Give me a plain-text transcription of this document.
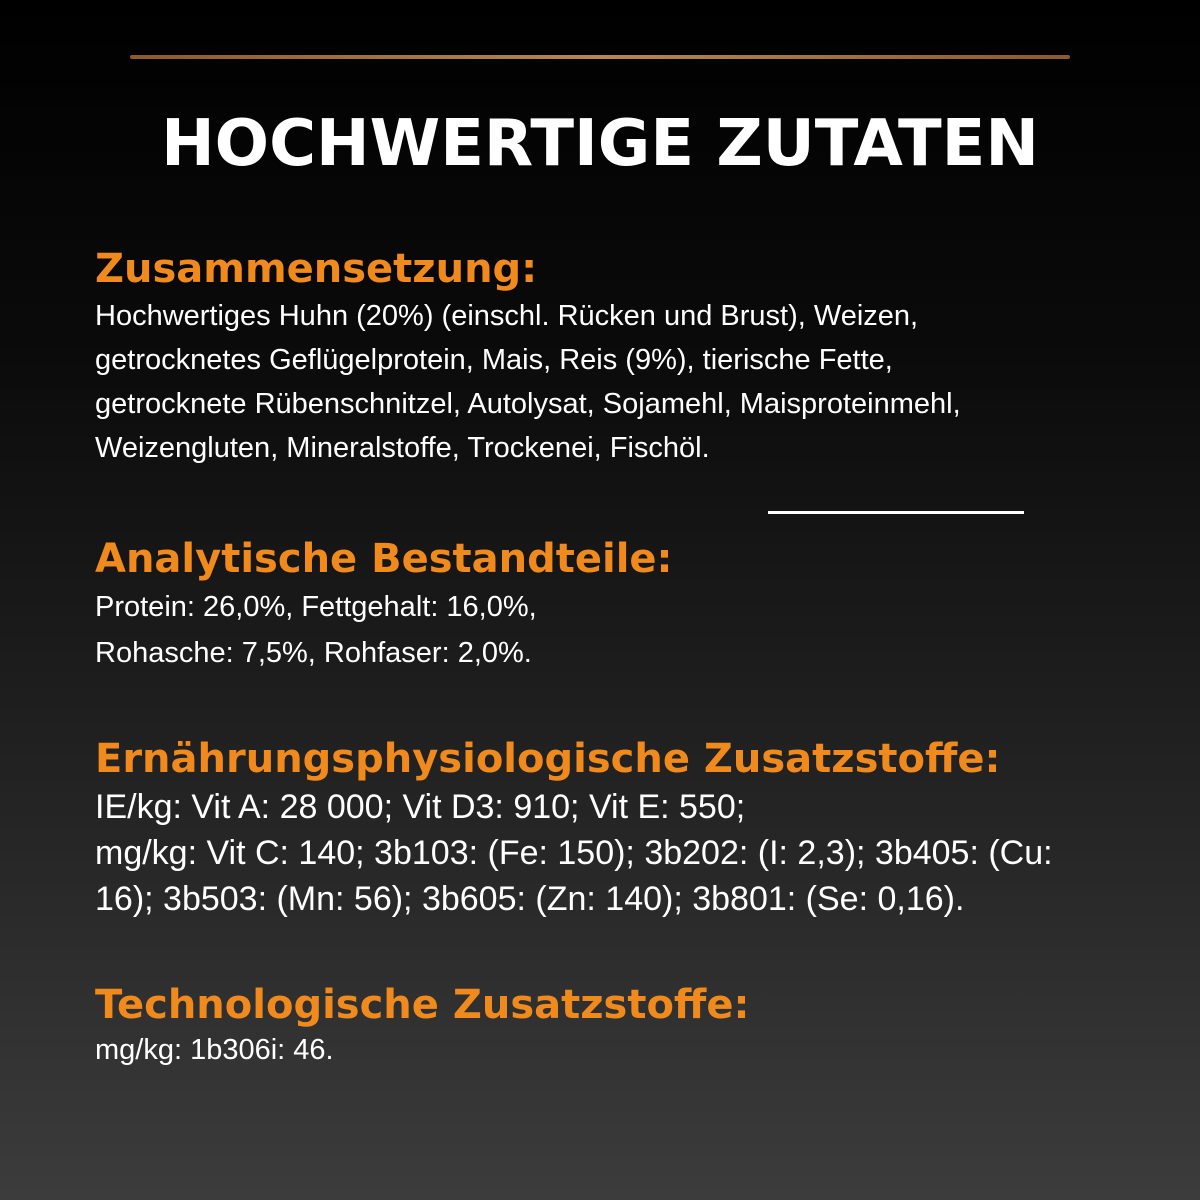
HOCHWERTIGE ZUTATEN
Zusammensetzung:
Hochwertiges Huhn (20%) (einschl. Rücken und Brust), Weizen,
getrocknetes Geflügelprotein, Mais, Reis (9%), tierische Fette,
getrocknete Rübenschnitzel, Autolysat, Sojamehl, Maisproteinmehl,
Weizengluten, Mineralstoffe, Trockenei, Fischöl.
Analytische Bestandteile:
Protein: 26,0%, Fettgehalt: 16,0%,
Rohasche: 7,5%, Rohfaser: 2,0%.
Ernährungsphysiologische Zusatzstoffe:
IE/kg: Vit A: 28 000; Vit D3: 910; Vit E: 550;
mg/kg: Vit C: 140; 3b103: (Fe: 150); 3b202: (I: 2,3); 3b405: (Cu:
16); 3b503: (Mn: 56); 3b605: (Zn: 140); 3b801: (Se: 0,16).
Technologische Zusatzstoffe:
mg/kg: 1b306i: 46.
